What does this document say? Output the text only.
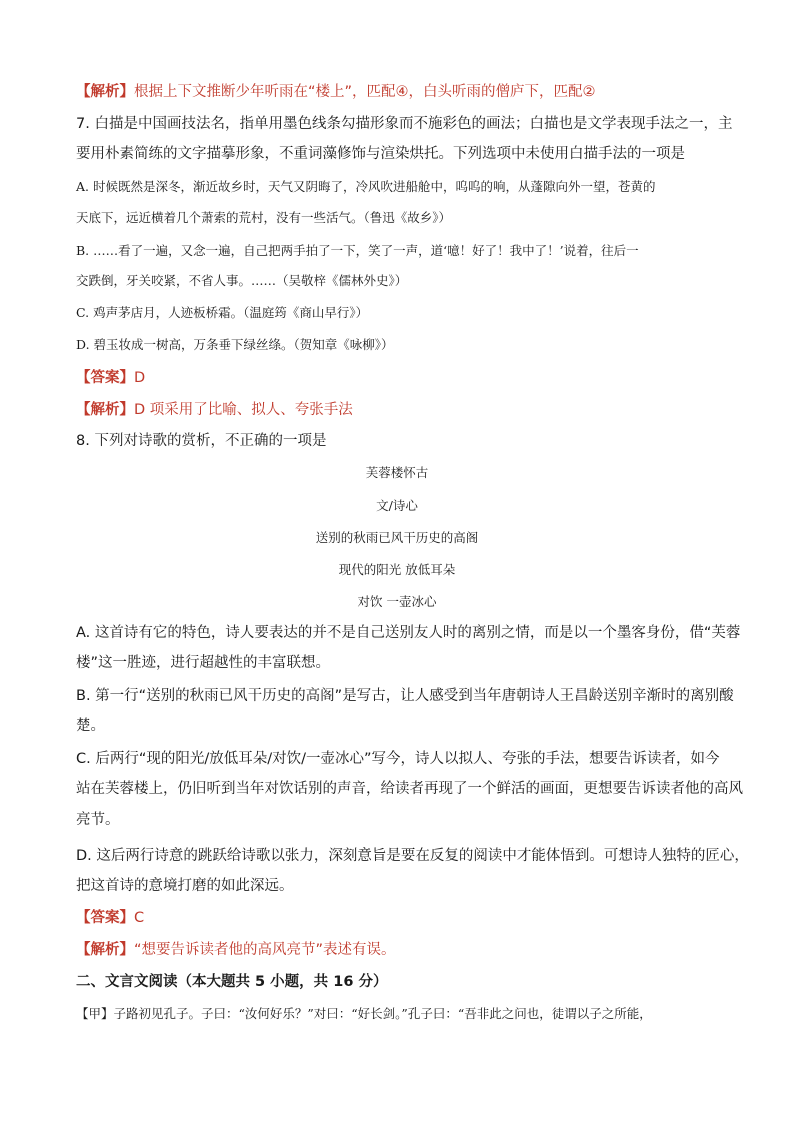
【解析】根据上下文推断少年听雨在“楼上”，匹配④，白头听雨的僧庐下，匹配②
7. 白描是中国画技法名，指单用墨色线条勾描形象而不施彩色的画法；白描也是文学表现手法之一，主
要用朴素简练的文字描摹形象，不重词藻修饰与渲染烘托。下列选项中未使用白描手法的一项是
A. 时候既然是深冬，渐近故乡时，天气又阴晦了，冷风吹进船舱中，呜呜的响，从蓬隙向外一望，苍黄的
天底下，远近横着几个萧索的荒村，没有一些活气。（鲁迅《故乡》）
B. ……看了一遍，又念一遍，自己把两手拍了一下，笑了一声，道‘噫！好了！我中了！’说着，往后一
交跌倒，牙关咬紧，不省人事。……（吴敬梓《儒林外史》）
C. 鸡声茅店月，人迹板桥霜。（温庭筠《商山早行》）
D. 碧玉妆成一树高，万条垂下绿丝绦。（贺知章《咏柳》）
【答案】D
【解析】D 项采用了比喻、拟人、夸张手法
8. 下列对诗歌的赏析，不正确的一项是
芙蓉楼怀古
文/诗心
送别的秋雨已风干历史的高阁
现代的阳光 放低耳朵
对饮 一壶冰心
A. 这首诗有它的特色，诗人要表达的并不是自己送别友人时的离别之情，而是以一个墨客身份，借“芙蓉
楼”这一胜迹，进行超越性的丰富联想。
B. 第一行“送别的秋雨已风干历史的高阁”是写古，让人感受到当年唐朝诗人王昌龄送别辛渐时的离别酸
楚。
C. 后两行“现的阳光/放低耳朵/对饮/一壶冰心”写今，诗人以拟人、夸张的手法，想要告诉读者，如今
站在芙蓉楼上，仍旧听到当年对饮话别的声音，给读者再现了一个鲜活的画面，更想要告诉读者他的高风
亮节。
D. 这后两行诗意的跳跃给诗歌以张力，深刻意旨是要在反复的阅读中才能体悟到。可想诗人独特的匠心，
把这首诗的意境打磨的如此深远。
【答案】C
【解析】“想要告诉读者他的高风亮节”表述有误。
二、文言文阅读（本大题共 5 小题，共 16 分）
【甲】子路初见孔子。子曰：“汝何好乐？”对曰：“好长剑。”孔子曰：“吾非此之问也，徒谓以子之所能，
